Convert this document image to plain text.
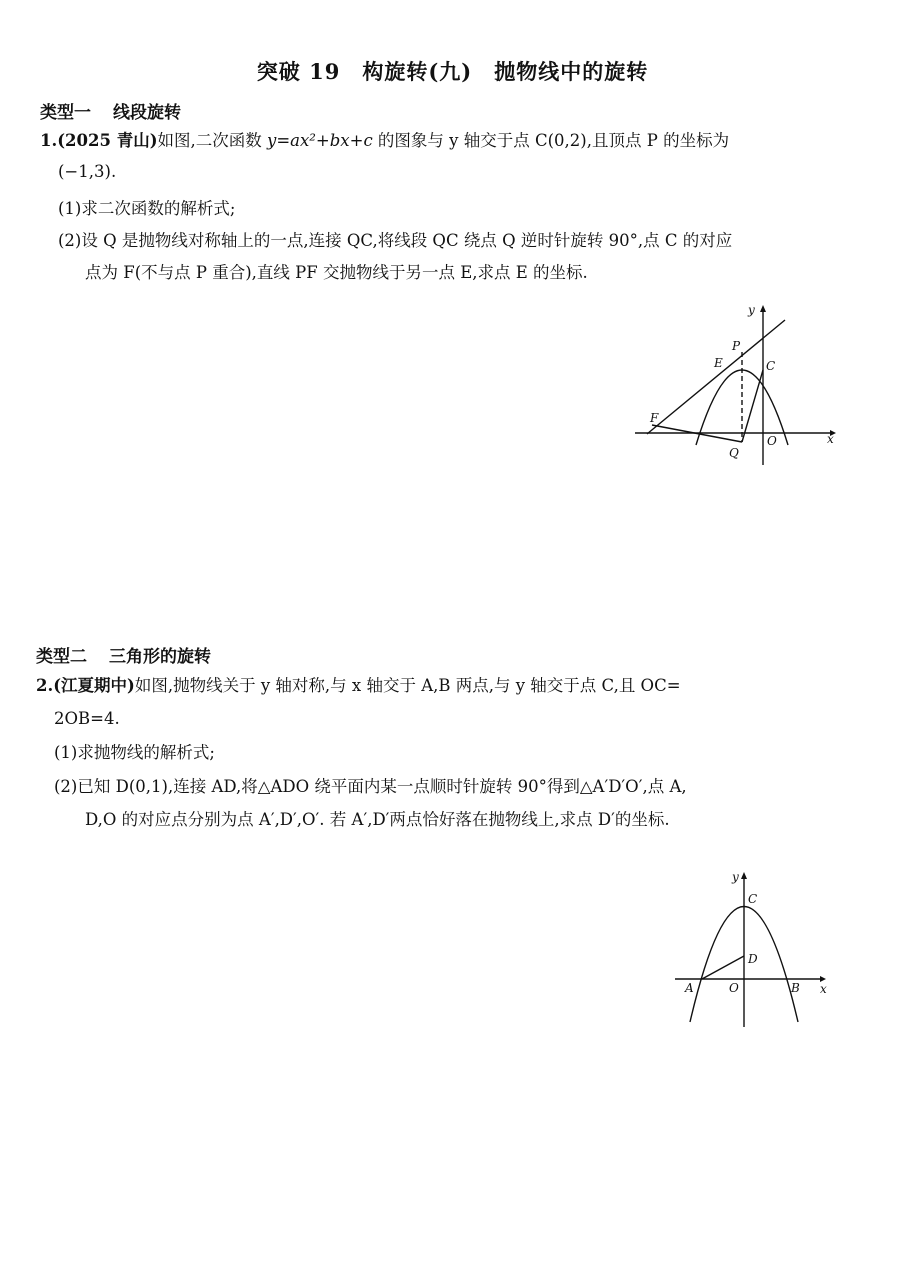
突破 19　构旋转(九)　抛物线中的旋转
类型一 线段旋转
1.(2025 青山)如图,二次函数 y=ax²+bx+c 的图象与 y 轴交于点 C(0,2),且顶点 P 的坐标为
(−1,3).
(1)求二次函数的解析式;
(2)设 Q 是抛物线对称轴上的一点,连接 QC,将线段 QC 绕点 Q 逆时针旋转 90°,点 C 的对应
点为 F(不与点 P 重合),直线 PF 交抛物线于另一点 E,求点 E 的坐标.
y
x
P
E	C
F
O
Q
类型二 三角形的旋转
2.(江夏期中)如图,抛物线关于 y 轴对称,与 x 轴交于 A,B 两点,与 y 轴交于点 C,且 OC=
2OB=4.
(1)求抛物线的解析式;
(2)已知 D(0,1),连接 AD,将△ADO 绕平面内某一点顺时针旋转 90°得到△A′D′O′,点 A,
D,O 的对应点分别为点 A′,D′,O′. 若 A′,D′两点恰好落在抛物线上,求点 D′的坐标.
y
x
C
D
A	O	B
